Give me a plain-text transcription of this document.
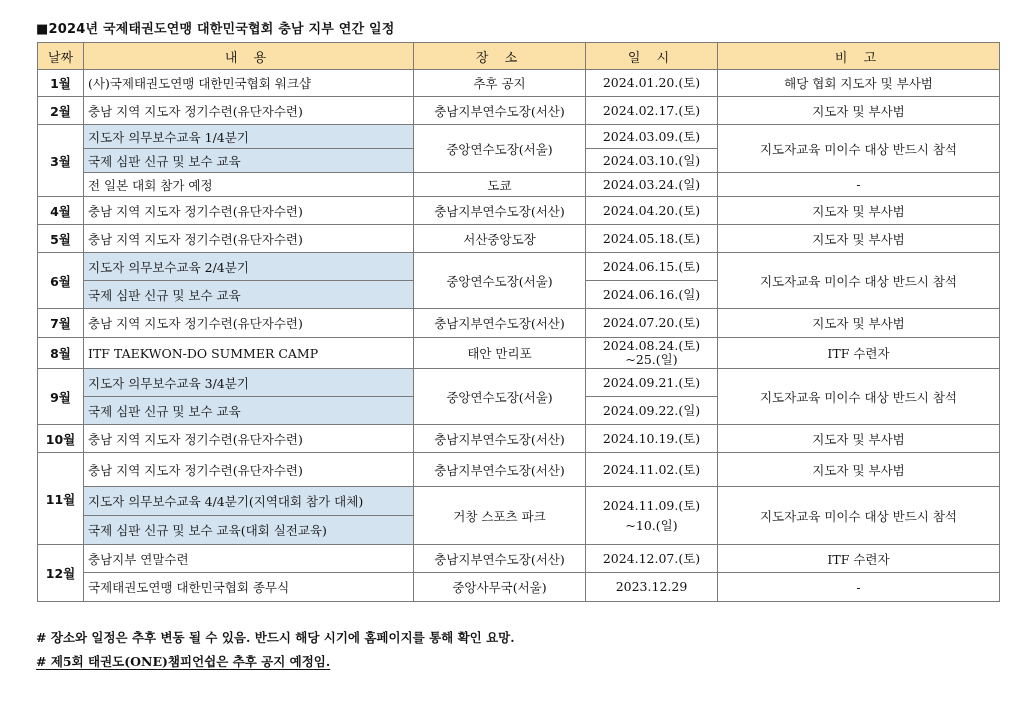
■2024년 국제태권도연맹 대한민국협회 충남 지부 연간 일정
날짜	내 용	장 소	일 시	비 고
1월	(사)국제태권도연맹 대한민국협회 워크샵	추후 공지	2024.01.20.(토)	해당 협회 지도자 및 부사범
2월	충남 지역 지도자 정기수련(유단자수련)	충남지부연수도장(서산)	2024.02.17.(토)	지도자 및 부사범
3월	지도자 의무보수교육 1/4분기	중앙연수도장(서울)	2024.03.09.(토)	지도자교육 미이수 대상 반드시 참석
	국제 심판 신규 및 보수 교육		2024.03.10.(일)	
	전 일본 대회 참가 예정	도쿄	2024.03.24.(일)	-
4월	충남 지역 지도자 정기수련(유단자수련)	충남지부연수도장(서산)	2024.04.20.(토)	지도자 및 부사범
5월	충남 지역 지도자 정기수련(유단자수련)	서산중앙도장	2024.05.18.(토)	지도자 및 부사범
6월	지도자 의무보수교육 2/4분기	중앙연수도장(서울)	2024.06.15.(토)	지도자교육 미이수 대상 반드시 참석
	국제 심판 신규 및 보수 교육		2024.06.16.(일)	
7월	충남 지역 지도자 정기수련(유단자수련)	충남지부연수도장(서산)	2024.07.20.(토)	지도자 및 부사범
8월	ITF TAEKWON-DO SUMMER CAMP	태안 만리포	2024.08.24.(토)
~25.(일)	ITF 수련자
9월	지도자 의무보수교육 3/4분기	중앙연수도장(서울)	2024.09.21.(토)	지도자교육 미이수 대상 반드시 참석
	국제 심판 신규 및 보수 교육		2024.09.22.(일)	
10월	충남 지역 지도자 정기수련(유단자수련)	충남지부연수도장(서산)	2024.10.19.(토)	지도자 및 부사범
11월	충남 지역 지도자 정기수련(유단자수련)	충남지부연수도장(서산)	2024.11.02.(토)	지도자 및 부사범
	지도자 의무보수교육 4/4분기(지역대회 참가 대체)	거창 스포츠 파크	2024.11.09.(토)
~10.(일)	지도자교육 미이수 대상 반드시 참석
	국제 심판 신규 및 보수 교육(대회 실전교육)			
12월	충남지부 연말수련	충남지부연수도장(서산)	2024.12.07.(토)	ITF 수련자
	국제태권도연맹 대한민국협회 종무식	중앙사무국(서울)	2023.12.29	-
# 장소와 일정은 추후 변동 될 수 있음. 반드시 해당 시기에 홈페이지를 통해 확인 요망.
# 제5회 태권도(ONE)챔피언쉽은 추후 공지 예정임.
